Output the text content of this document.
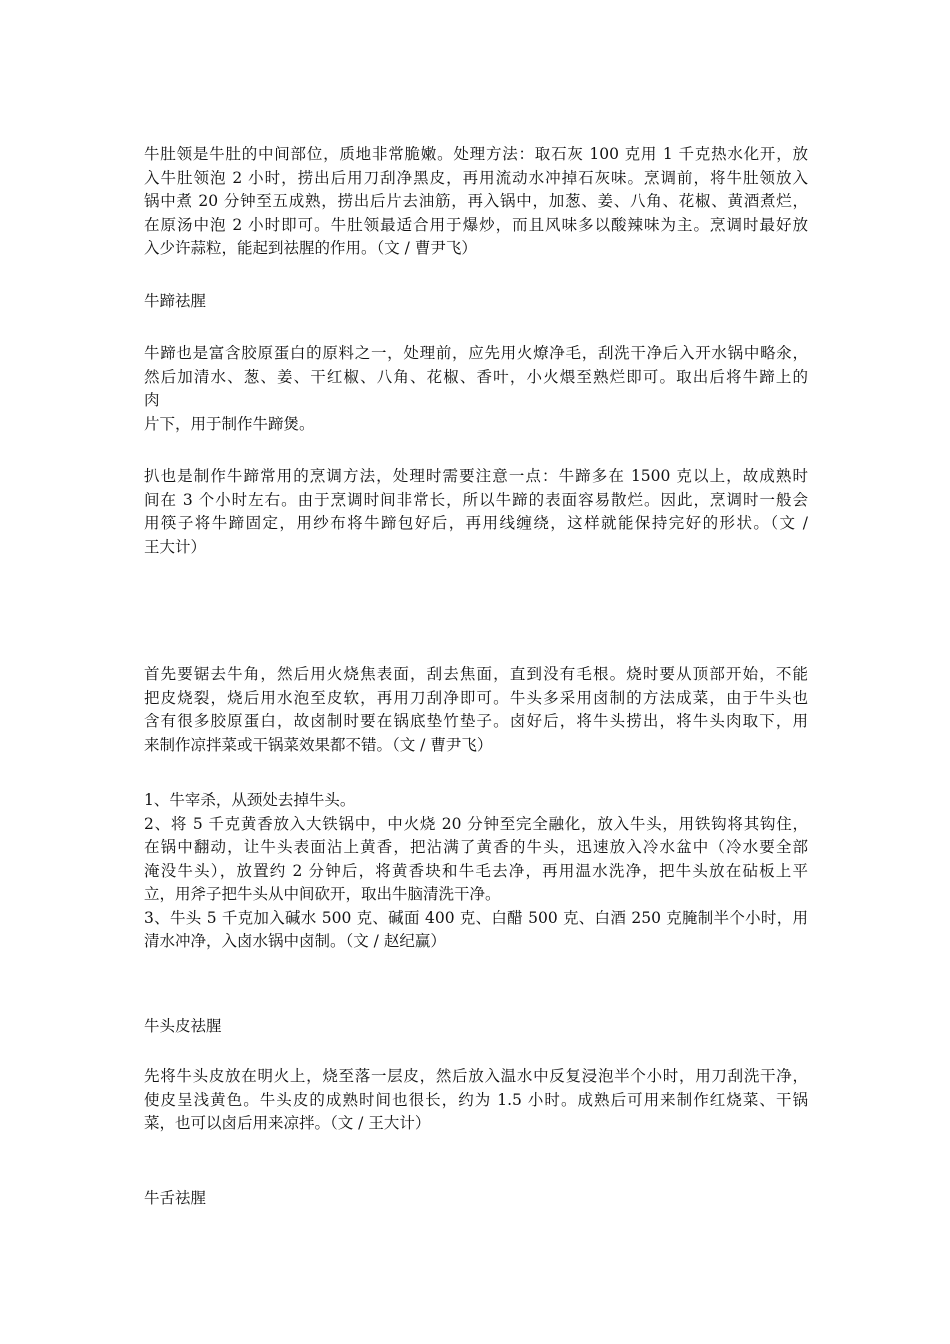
牛肚领是牛肚的中间部位，质地非常脆嫩。处理方法：取石灰 100 克用 1 千克热水化开，放
入牛肚领泡 2 小时，捞出后用刀刮净黑皮，再用流动水冲掉石灰味。烹调前，将牛肚领放入
锅中煮 20 分钟至五成熟，捞出后片去油筋，再入锅中，加葱、姜、八角、花椒、黄酒煮烂，
在原汤中泡 2 小时即可。牛肚领最适合用于爆炒，而且风味多以酸辣味为主。烹调时最好放
入少许蒜粒，能起到祛腥的作用。（文 / 曹尹飞）
牛蹄祛腥
牛蹄也是富含胶原蛋白的原料之一，处理前，应先用火燎净毛，刮洗干净后入开水锅中略氽，
然后加清水、葱、姜、干红椒、八角、花椒、香叶，小火煨至熟烂即可。取出后将牛蹄上的
肉
片下，用于制作牛蹄煲。
扒也是制作牛蹄常用的烹调方法，处理时需要注意一点：牛蹄多在 1500 克以上，故成熟时
间在 3 个小时左右。由于烹调时间非常长，所以牛蹄的表面容易散烂。因此，烹调时一般会
用筷子将牛蹄固定，用纱布将牛蹄包好后，再用线缠绕，这样就能保持完好的形状。（文 /
王大计）
首先要锯去牛角，然后用火烧焦表面，刮去焦面，直到没有毛根。烧时要从顶部开始，不能
把皮烧裂，烧后用水泡至皮软，再用刀刮净即可。牛头多采用卤制的方法成菜，由于牛头也
含有很多胶原蛋白，故卤制时要在锅底垫竹垫子。卤好后，将牛头捞出，将牛头肉取下，用
来制作凉拌菜或干锅菜效果都不错。（文 / 曹尹飞）
1、牛宰杀，从颈处去掉牛头。
2、将 5 千克黄香放入大铁锅中，中火烧 20 分钟至完全融化，放入牛头，用铁钩将其钩住，
在锅中翻动，让牛头表面沾上黄香，把沾满了黄香的牛头，迅速放入冷水盆中（冷水要全部
淹没牛头），放置约 2 分钟后，将黄香块和牛毛去净，再用温水洗净，把牛头放在砧板上平
立，用斧子把牛头从中间砍开，取出牛脑清洗干净。
3、牛头 5 千克加入碱水 500 克、碱面 400 克、白醋 500 克、白酒 250 克腌制半个小时，用
清水冲净，入卤水锅中卤制。（文 / 赵纪赢）
牛头皮祛腥
先将牛头皮放在明火上，烧至落一层皮，然后放入温水中反复浸泡半个小时，用刀刮洗干净，
使皮呈浅黄色。牛头皮的成熟时间也很长，约为 1.5 小时。成熟后可用来制作红烧菜、干锅
菜，也可以卤后用来凉拌。（文 / 王大计）
牛舌祛腥
